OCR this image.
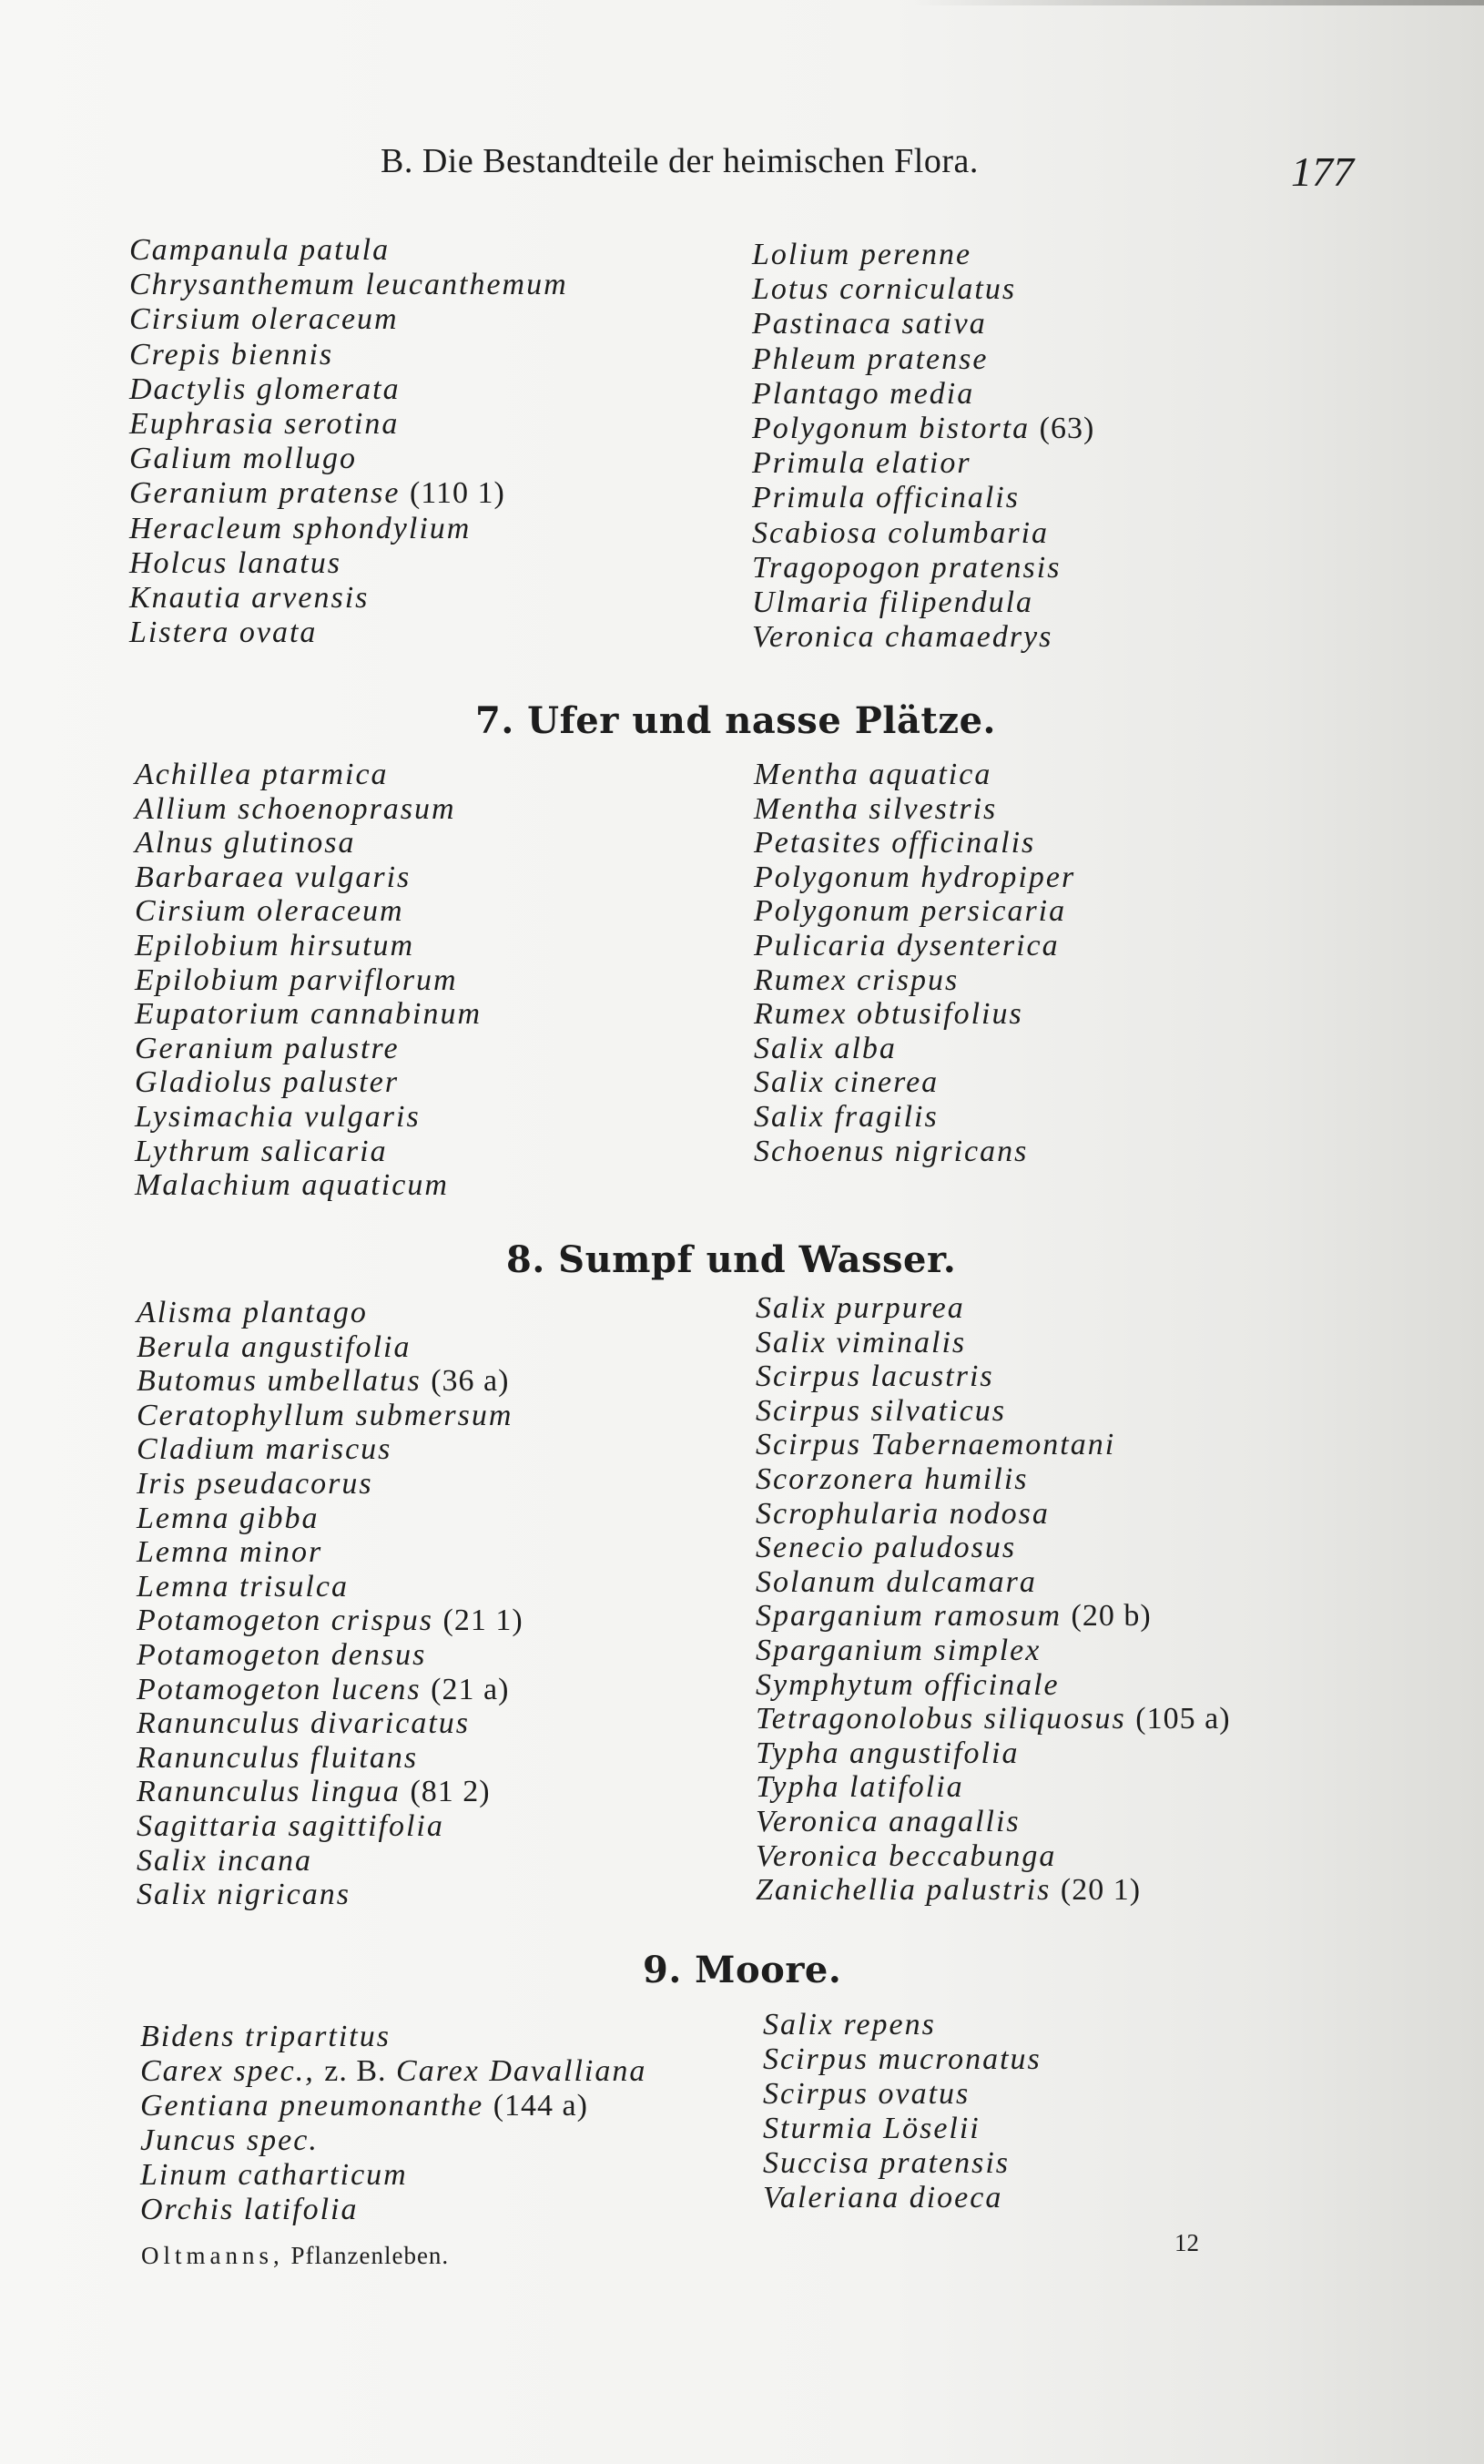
B. Die Bestandteile der heimischen Flora.	177
Campanula patula
Chrysanthemum leucanthemum
Cirsium oleraceum
Crepis biennis
Dactylis glomerata
Euphrasia serotina
Galium mollugo
Geranium pratense (110 1)
Heracleum sphondylium
Holcus lanatus
Knautia arvensis
Listera ovata
Lolium perenne
Lotus corniculatus
Pastinaca sativa
Phleum pratense
Plantago media
Polygonum bistorta (63)
Primula elatior
Primula officinalis
Scabiosa columbaria
Tragopogon pratensis
Ulmaria filipendula
Veronica chamaedrys
7. Ufer und nasse Plätze.
Achillea ptarmica
Allium schoenoprasum
Alnus glutinosa
Barbaraea vulgaris
Cirsium oleraceum
Epilobium hirsutum
Epilobium parviflorum
Eupatorium cannabinum
Geranium palustre
Gladiolus paluster
Lysimachia vulgaris
Lythrum salicaria
Malachium aquaticum
Mentha aquatica
Mentha silvestris
Petasites officinalis
Polygonum hydropiper
Polygonum persicaria
Pulicaria dysenterica
Rumex crispus
Rumex obtusifolius
Salix alba
Salix cinerea
Salix fragilis
Schoenus nigricans
8. Sumpf und Wasser.
Alisma plantago
Berula angustifolia
Butomus umbellatus (36 a)
Ceratophyllum submersum
Cladium mariscus
Iris pseudacorus
Lemna gibba
Lemna minor
Lemna trisulca
Potamogeton crispus (21 1)
Potamogeton densus
Potamogeton lucens (21 a)
Ranunculus divaricatus
Ranunculus fluitans
Ranunculus lingua (81 2)
Sagittaria sagittifolia
Salix incana
Salix nigricans
Salix purpurea
Salix viminalis
Scirpus lacustris
Scirpus silvaticus
Scirpus Tabernaemontani
Scorzonera humilis
Scrophularia nodosa
Senecio paludosus
Solanum dulcamara
Sparganium ramosum (20 b)
Sparganium simplex
Symphytum officinale
Tetragonolobus siliquosus (105 a)
Typha angustifolia
Typha latifolia
Veronica anagallis
Veronica beccabunga
Zanichellia palustris (20 1)
9. Moore.
Bidens tripartitus
Carex spec., z. B. Carex Davalliana
Gentiana pneumonanthe (144 a)
Juncus spec.
Linum catharticum
Orchis latifolia
Salix repens
Scirpus mucronatus
Scirpus ovatus
Sturmia Löselii
Succisa pratensis
Valeriana dioeca
Oltmanns, Pflanzenleben.	12
